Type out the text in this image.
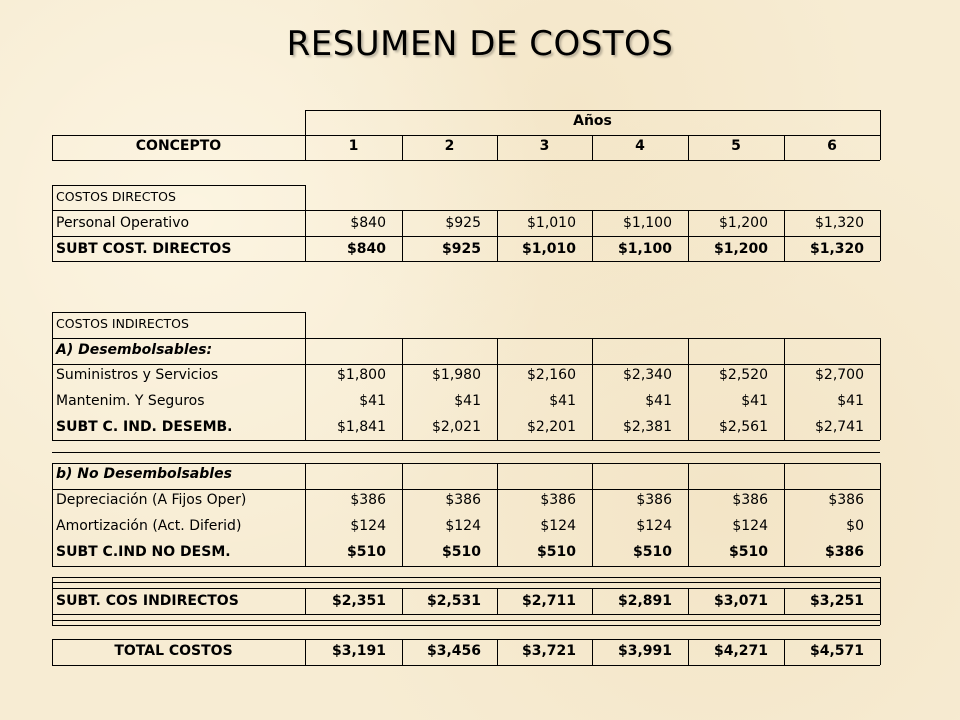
RESUMEN DE COSTOS
Años
CONCEPTO	1	2	3	4	5	6
COSTOS DIRECTOS
Personal Operativo	$840	$925	$1,010	$1,100	$1,200	$1,320
SUBT COST. DIRECTOS	$840	$925	$1,010	$1,100	$1,200	$1,320
COSTOS INDIRECTOS
A) Desembolsables:
Suministros y Servicios	$1,800	$1,980	$2,160	$2,340	$2,520	$2,700
Mantenim. Y Seguros	$41	$41	$41	$41	$41	$41
SUBT C. IND. DESEMB.	$1,841	$2,021	$2,201	$2,381	$2,561	$2,741
b) No Desembolsables
Depreciación (A Fijos Oper)	$386	$386	$386	$386	$386	$386
Amortización (Act. Diferid)	$124	$124	$124	$124	$124	$0
SUBT C.IND NO DESM.	$510	$510	$510	$510	$510	$386
SUBT. COS INDIRECTOS	$2,351	$2,531	$2,711	$2,891	$3,071	$3,251
TOTAL COSTOS	$3,191	$3,456	$3,721	$3,991	$4,271	$4,571
